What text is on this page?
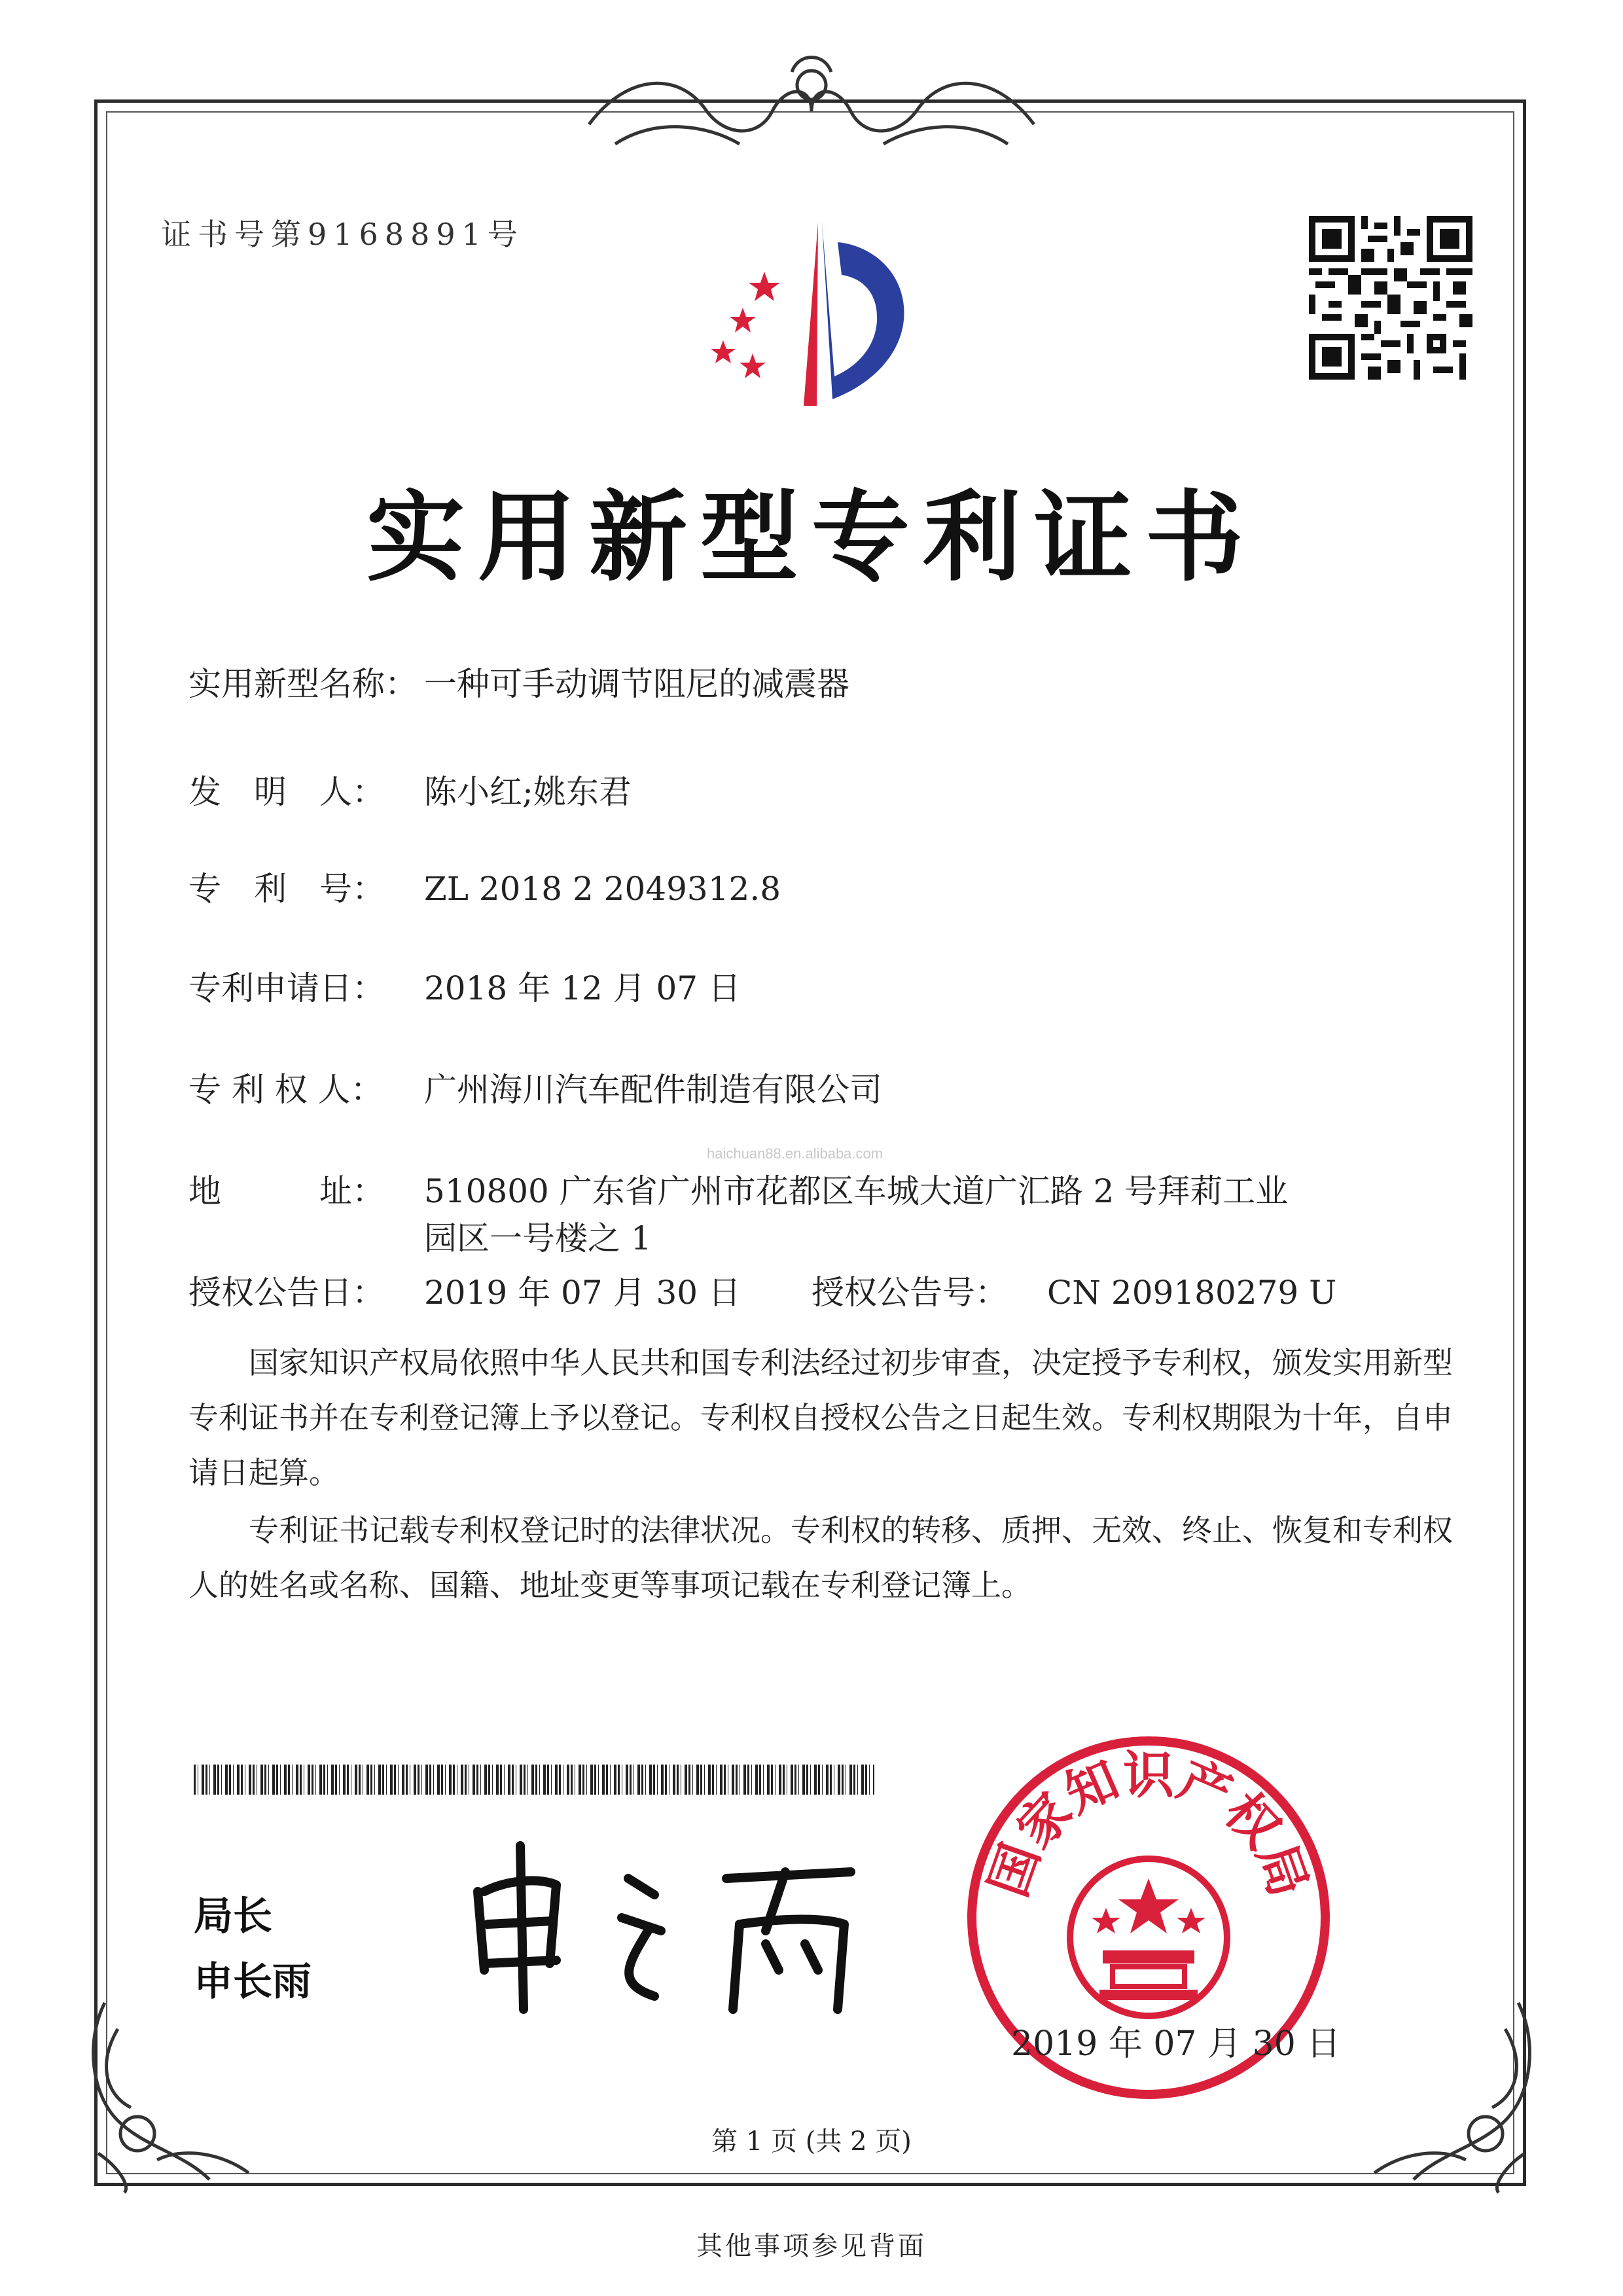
证书号第9168891号
实用新型专利证书
实用新型名称： 一种可手动调节阻尼的减震器
发　明　人： 陈小红;姚东君
专　利　号： ZL 2018 2 2049312.8
专利申请日： 2018 年 12 月 07 日
专 利 权 人： 广州海川汽车配件制造有限公司
haichuan88.en.alibaba.com
地　　　址： 510800 广东省广州市花都区车城大道广汇路 2 号拜莉工业
园区一号楼之 1
授权公告日： 2019 年 07 月 30 日 授权公告号： CN 209180279 U
国家知识产权局依照中华人民共和国专利法经过初步审查，决定授予专利权，颁发实用新型专利证书并在专利登记簿上予以登记。专利权自授权公告之日起生效。专利权期限为十年，自申请日起算。
专利证书记载专利权登记时的法律状况。专利权的转移、质押、无效、终止、恢复和专利权人的姓名或名称、国籍、地址变更等事项记载在专利登记簿上。
局长
申长雨
国家知识产权局
2019 年 07 月 30 日
第 1 页 (共 2 页)
其他事项参见背面
